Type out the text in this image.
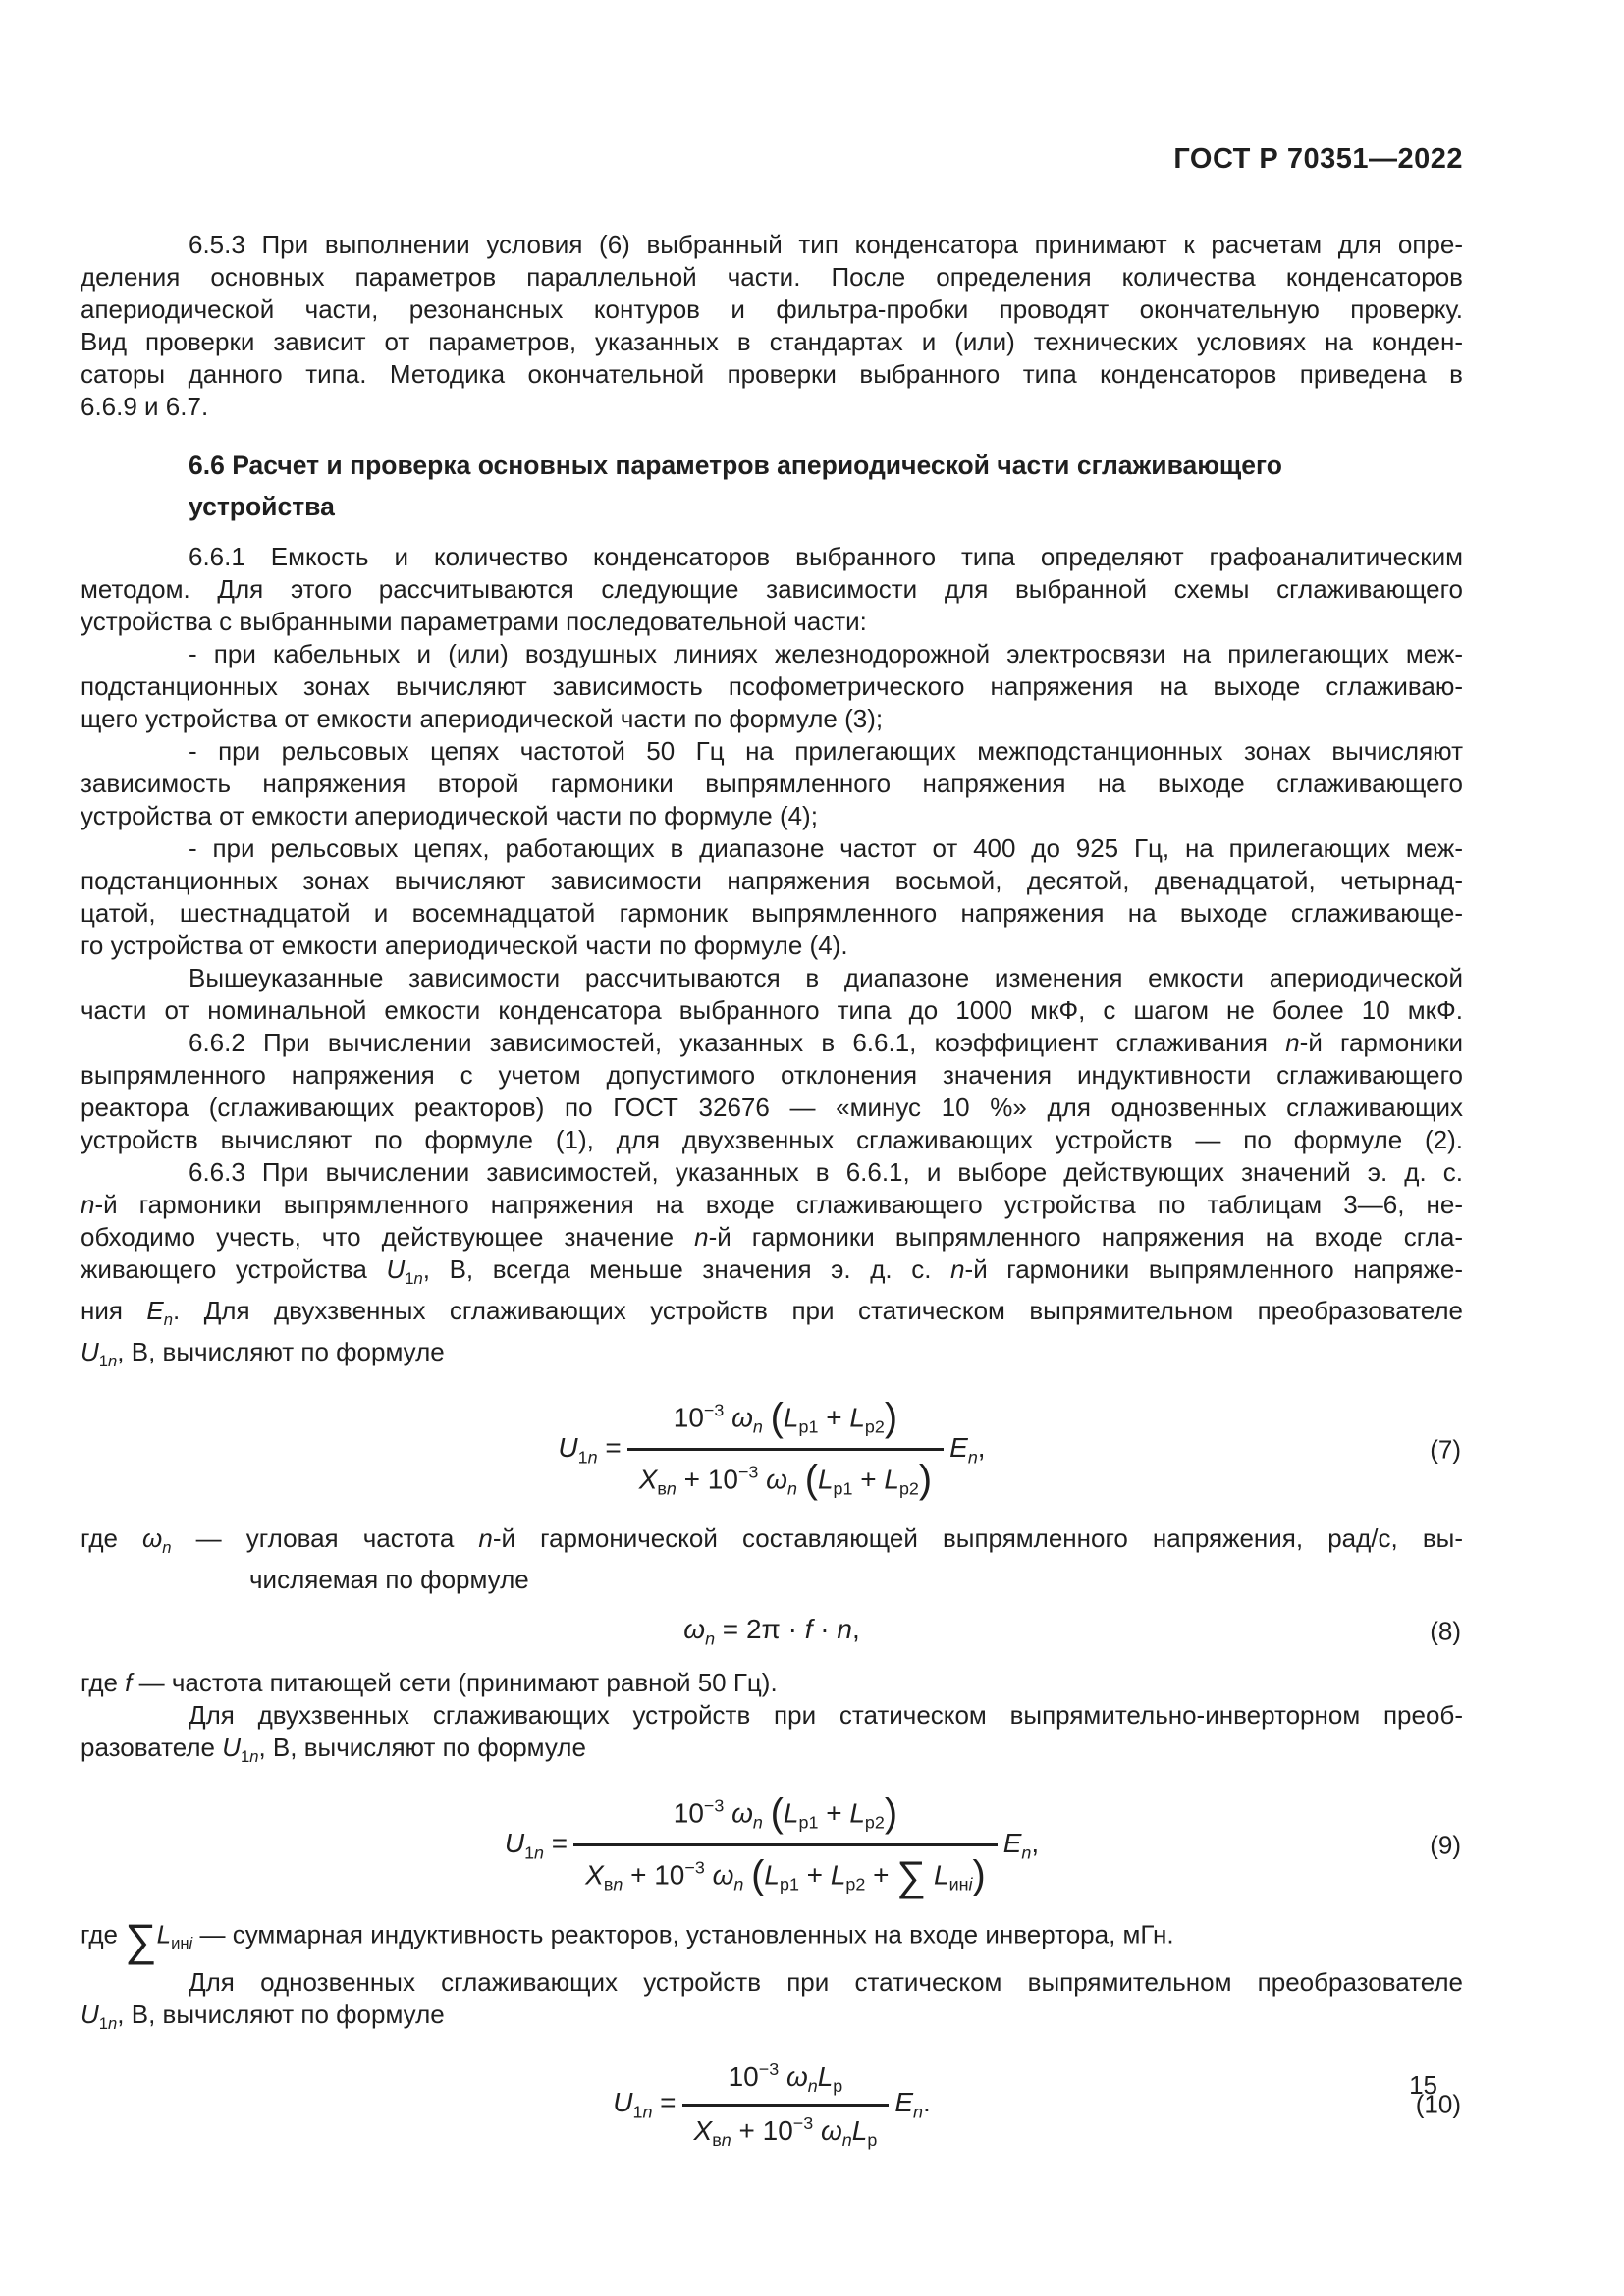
ГОСТ Р 70351—2022
6.5.3 При выполнении условия (6) выбранный тип конденсатора принимают к расчетам для опре-
деления основных параметров параллельной части. После определения количества конденсаторов
апериодической части, резонансных контуров и фильтра-пробки проводят окончательную проверку.
Вид проверки зависит от параметров, указанных в стандартах и (или) технических условиях на конден-
саторы данного типа. Методика окончательной проверки выбранного типа конденсаторов приведена в
6.6.9 и 6.7.
6.6 Расчет и проверка основных параметров апериодической части сглаживающего
устройства
6.6.1 Емкость и количество конденсаторов выбранного типа определяют графоаналитическим
методом. Для этого рассчитываются следующие зависимости для выбранной схемы сглаживающего
устройства с выбранными параметрами последовательной части:
- при кабельных и (или) воздушных линиях железнодорожной электросвязи на прилегающих меж-
подстанционных зонах вычисляют зависимость псофометрического напряжения на выходе сглаживаю-
щего устройства от емкости апериодической части по формуле (3);
- при рельсовых цепях частотой 50 Гц на прилегающих межподстанционных зонах вычисляют
зависимость напряжения второй гармоники выпрямленного напряжения на выходе сглаживающего
устройства от емкости апериодической части по формуле (4);
- при рельсовых цепях, работающих в диапазоне частот от 400 до 925 Гц, на прилегающих меж-
подстанционных зонах вычисляют зависимости напряжения восьмой, десятой, двенадцатой, четырнад-
цатой, шестнадцатой и восемнадцатой гармоник выпрямленного напряжения на выходе сглаживающе-
го устройства от емкости апериодической части по формуле (4).
Вышеуказанные зависимости рассчитываются в диапазоне изменения емкости апериодической
части от номинальной емкости конденсатора выбранного типа до 1000 мкФ, с шагом не более 10 мкФ.
6.6.2 При вычислении зависимостей, указанных в 6.6.1, коэффициент сглаживания n-й гармоники
выпрямленного напряжения с учетом допустимого отклонения значения индуктивности сглаживающего
реактора (сглаживающих реакторов) по ГОСТ 32676 — «минус 10 %» для однозвенных сглаживающих
устройств вычисляют по формуле (1), для двухзвенных сглаживающих устройств — по формуле (2).
6.6.3 При вычислении зависимостей, указанных в 6.6.1, и выборе действующих значений э. д. с.
n-й гармоники выпрямленного напряжения на входе сглаживающего устройства по таблицам 3—6, не-
обходимо учесть, что действующее значение n-й гармоники выпрямленного напряжения на входе сгла-
живающего устройства $U_{1n}$, В, всегда меньше значения э. д. с. n-й гармоники выпрямленного напряже-
ния $E_n$. Для двухзвенных сглаживающих устройств при статическом выпрямительном преобразователе
$U_{1n}$, В, вычисляют по формуле
$U_{1n} = \frac{10^{-3} \omega_n (L_{р1} + L_{р2})}{X_{вn} + 10^{-3} \omega_n (L_{р1} + L_{р2})} E_n$,	(7)
где $\omega_n$ — угловая частота n-й гармонической составляющей выпрямленного напряжения, рад/с, вы-
числяемая по формуле
$\omega_n = 2\pi \cdot f \cdot n$,	(8)
где f — частота питающей сети (принимают равной 50 Гц).
Для двухзвенных сглаживающих устройств при статическом выпрямительно-инверторном преоб-
разователе $U_{1n}$, В, вычисляют по формуле
$U_{1n} = \frac{10^{-3} \omega_n (L_{р1} + L_{р2})}{X_{вn} + 10^{-3} \omega_n (L_{р1} + L_{р2} + \sum L_{инi})} E_n$,	(9)
где $\sum L_{инi}$ — суммарная индуктивность реакторов, установленных на входе инвертора, мГн.
Для однозвенных сглаживающих устройств при статическом выпрямительном преобразователе
$U_{1n}$, В, вычисляют по формуле
$U_{1n} = \frac{10^{-3} \omega_nL_р}{X_{вn} + 10^{-3} \omega_nL_р} E_n$.	(10)
15
